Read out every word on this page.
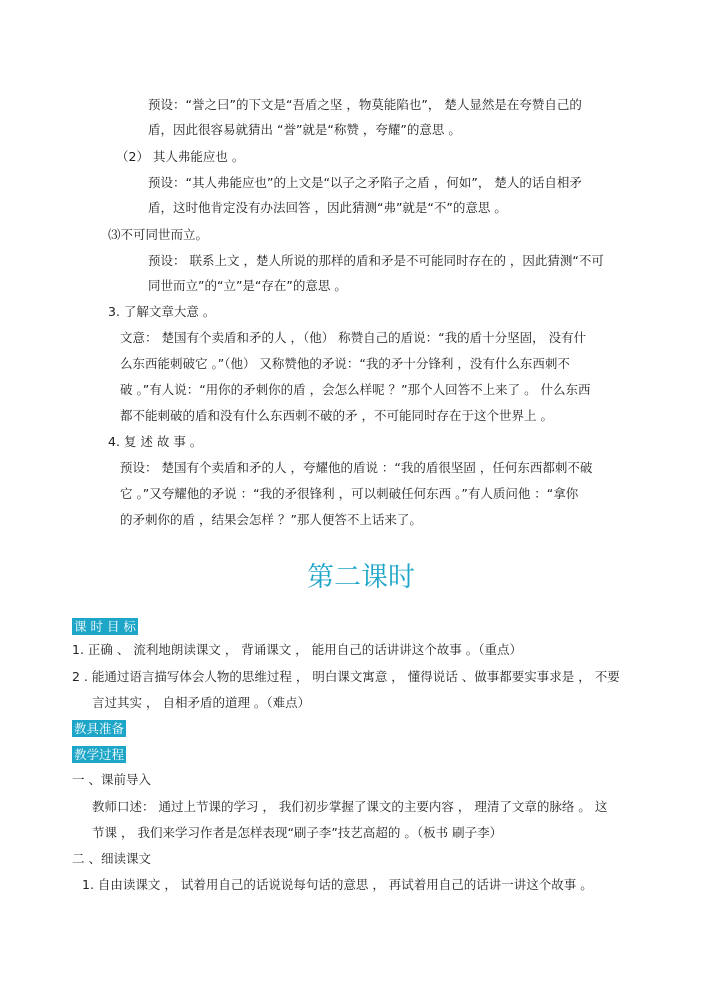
预设：“誉之曰”的下文是“吾盾之坚 ，物莫能陷也”， 楚人显然是在夸赞自己的
盾，因此很容易就猜出 “誉”就是“称赞 ，夸耀”的意思 。
（2） 其人弗能应也 。
预设：“其人弗能应也”的上文是“以子之矛陷子之盾 ，何如”， 楚人的话自相矛
盾，这时他肯定没有办法回答 ，因此猜测“弗”就是“不”的意思 。
⑶不可同世而立。
预设： 联系上文 ，楚人所说的那样的盾和矛是不可能同时存在的 ，因此猜测“不可
同世而立”的“立”是“存在”的意思 。
3. 了解文章大意 。
文意： 楚国有个卖盾和矛的人 ，（他） 称赞自己的盾说：“我的盾十分坚固， 没有什
么东西能刺破它 。”（他） 又称赞他的矛说：“我的矛十分锋利 ，没有什么东西刺不
破 。”有人说：“用你的矛刺你的盾 ，会怎么样呢 ？”那个人回答不上来了 。 什么东西
都不能刺破的盾和没有什么东西刺不破的矛 ，不可能同时存在于这个世界上 。
4. 复 述 故 事 。
预设： 楚国有个卖盾和矛的人 ，夸耀他的盾说 ：“我的盾很坚固 ，任何东西都刺不破
它 。”又夸耀他的矛说 ：“我的矛很锋利 ，可以刺破任何东西 。”有人质问他 ：“拿你
的矛刺你的盾 ，结果会怎样 ？”那人便答不上话来了。
第二课时
课 时 目 标
1. 正确 、 流利地朗读课文 ， 背诵课文 ， 能用自己的话讲讲这个故事 。（重点）
2 . 能通过语言描写体会人物的思维过程 ， 明白课文寓意 ， 懂得说话 、做事都要实事求是 ， 不要
言过其实 ， 自相矛盾的道理 。（难点）
教具准备
教学过程
一 、课前导入
教师口述： 通过上节课的学习 ， 我们初步掌握了课文的主要内容 ， 理清了文章的脉络 。 这
节课 ， 我们来学习作者是怎样表现“刷子李”技艺高超的 。（板书 刷子李）
二 、细读课文
1. 自由读课文 ， 试着用自己的话说说每句话的意思 ， 再试着用自己的话讲一讲这个故事 。
